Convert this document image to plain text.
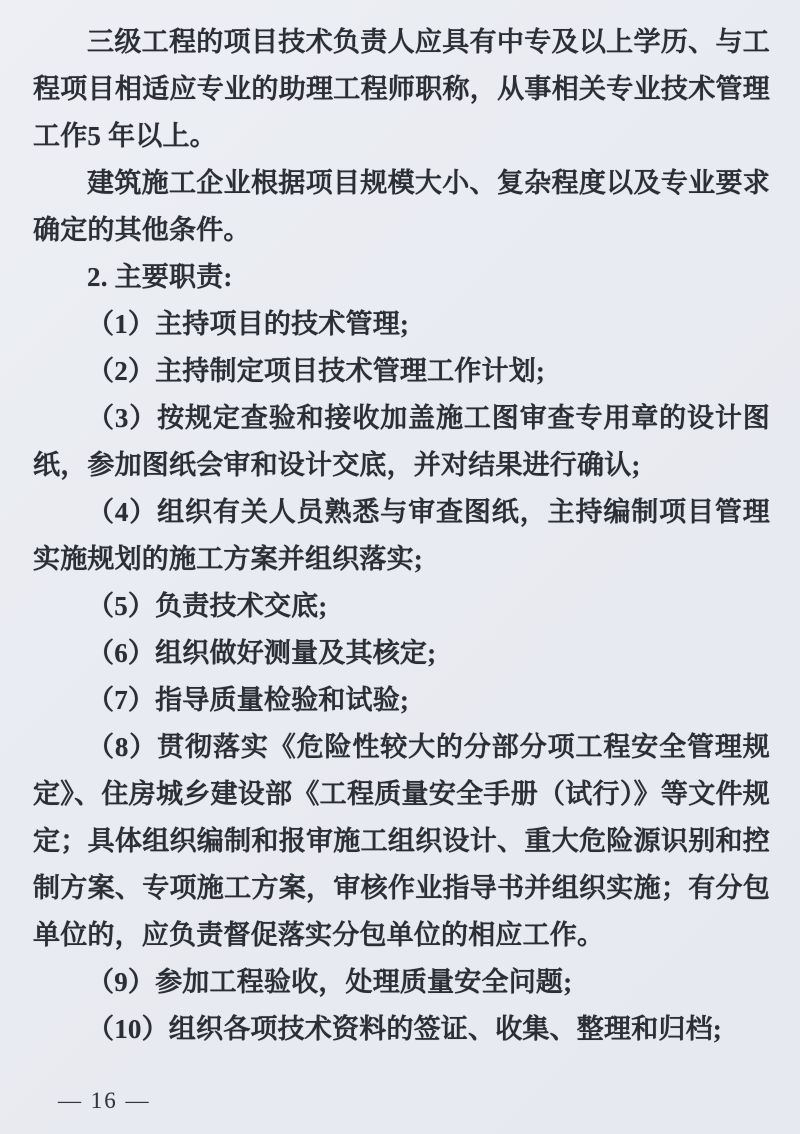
三级工程的项目技术负责人应具有中专及以上学历、与工程项目相适应专业的助理工程师职称，从事相关专业技术管理工作5 年以上。
建筑施工企业根据项目规模大小、复杂程度以及专业要求确定的其他条件。
2. 主要职责:
（1）主持项目的技术管理;
（2）主持制定项目技术管理工作计划;
（3）按规定查验和接收加盖施工图审查专用章的设计图纸，参加图纸会审和设计交底，并对结果进行确认;
（4）组织有关人员熟悉与审查图纸，主持编制项目管理实施规划的施工方案并组织落实;
（5）负责技术交底;
（6）组织做好测量及其核定;
（7）指导质量检验和试验;
（8）贯彻落实《危险性较大的分部分项工程安全管理规定》、住房城乡建设部《工程质量安全手册（试行）》等文件规定；具体组织编制和报审施工组织设计、重大危险源识别和控制方案、专项施工方案，审核作业指导书并组织实施；有分包单位的，应负责督促落实分包单位的相应工作。
（9）参加工程验收，处理质量安全问题;
（10）组织各项技术资料的签证、收集、整理和归档;
— 16 —
